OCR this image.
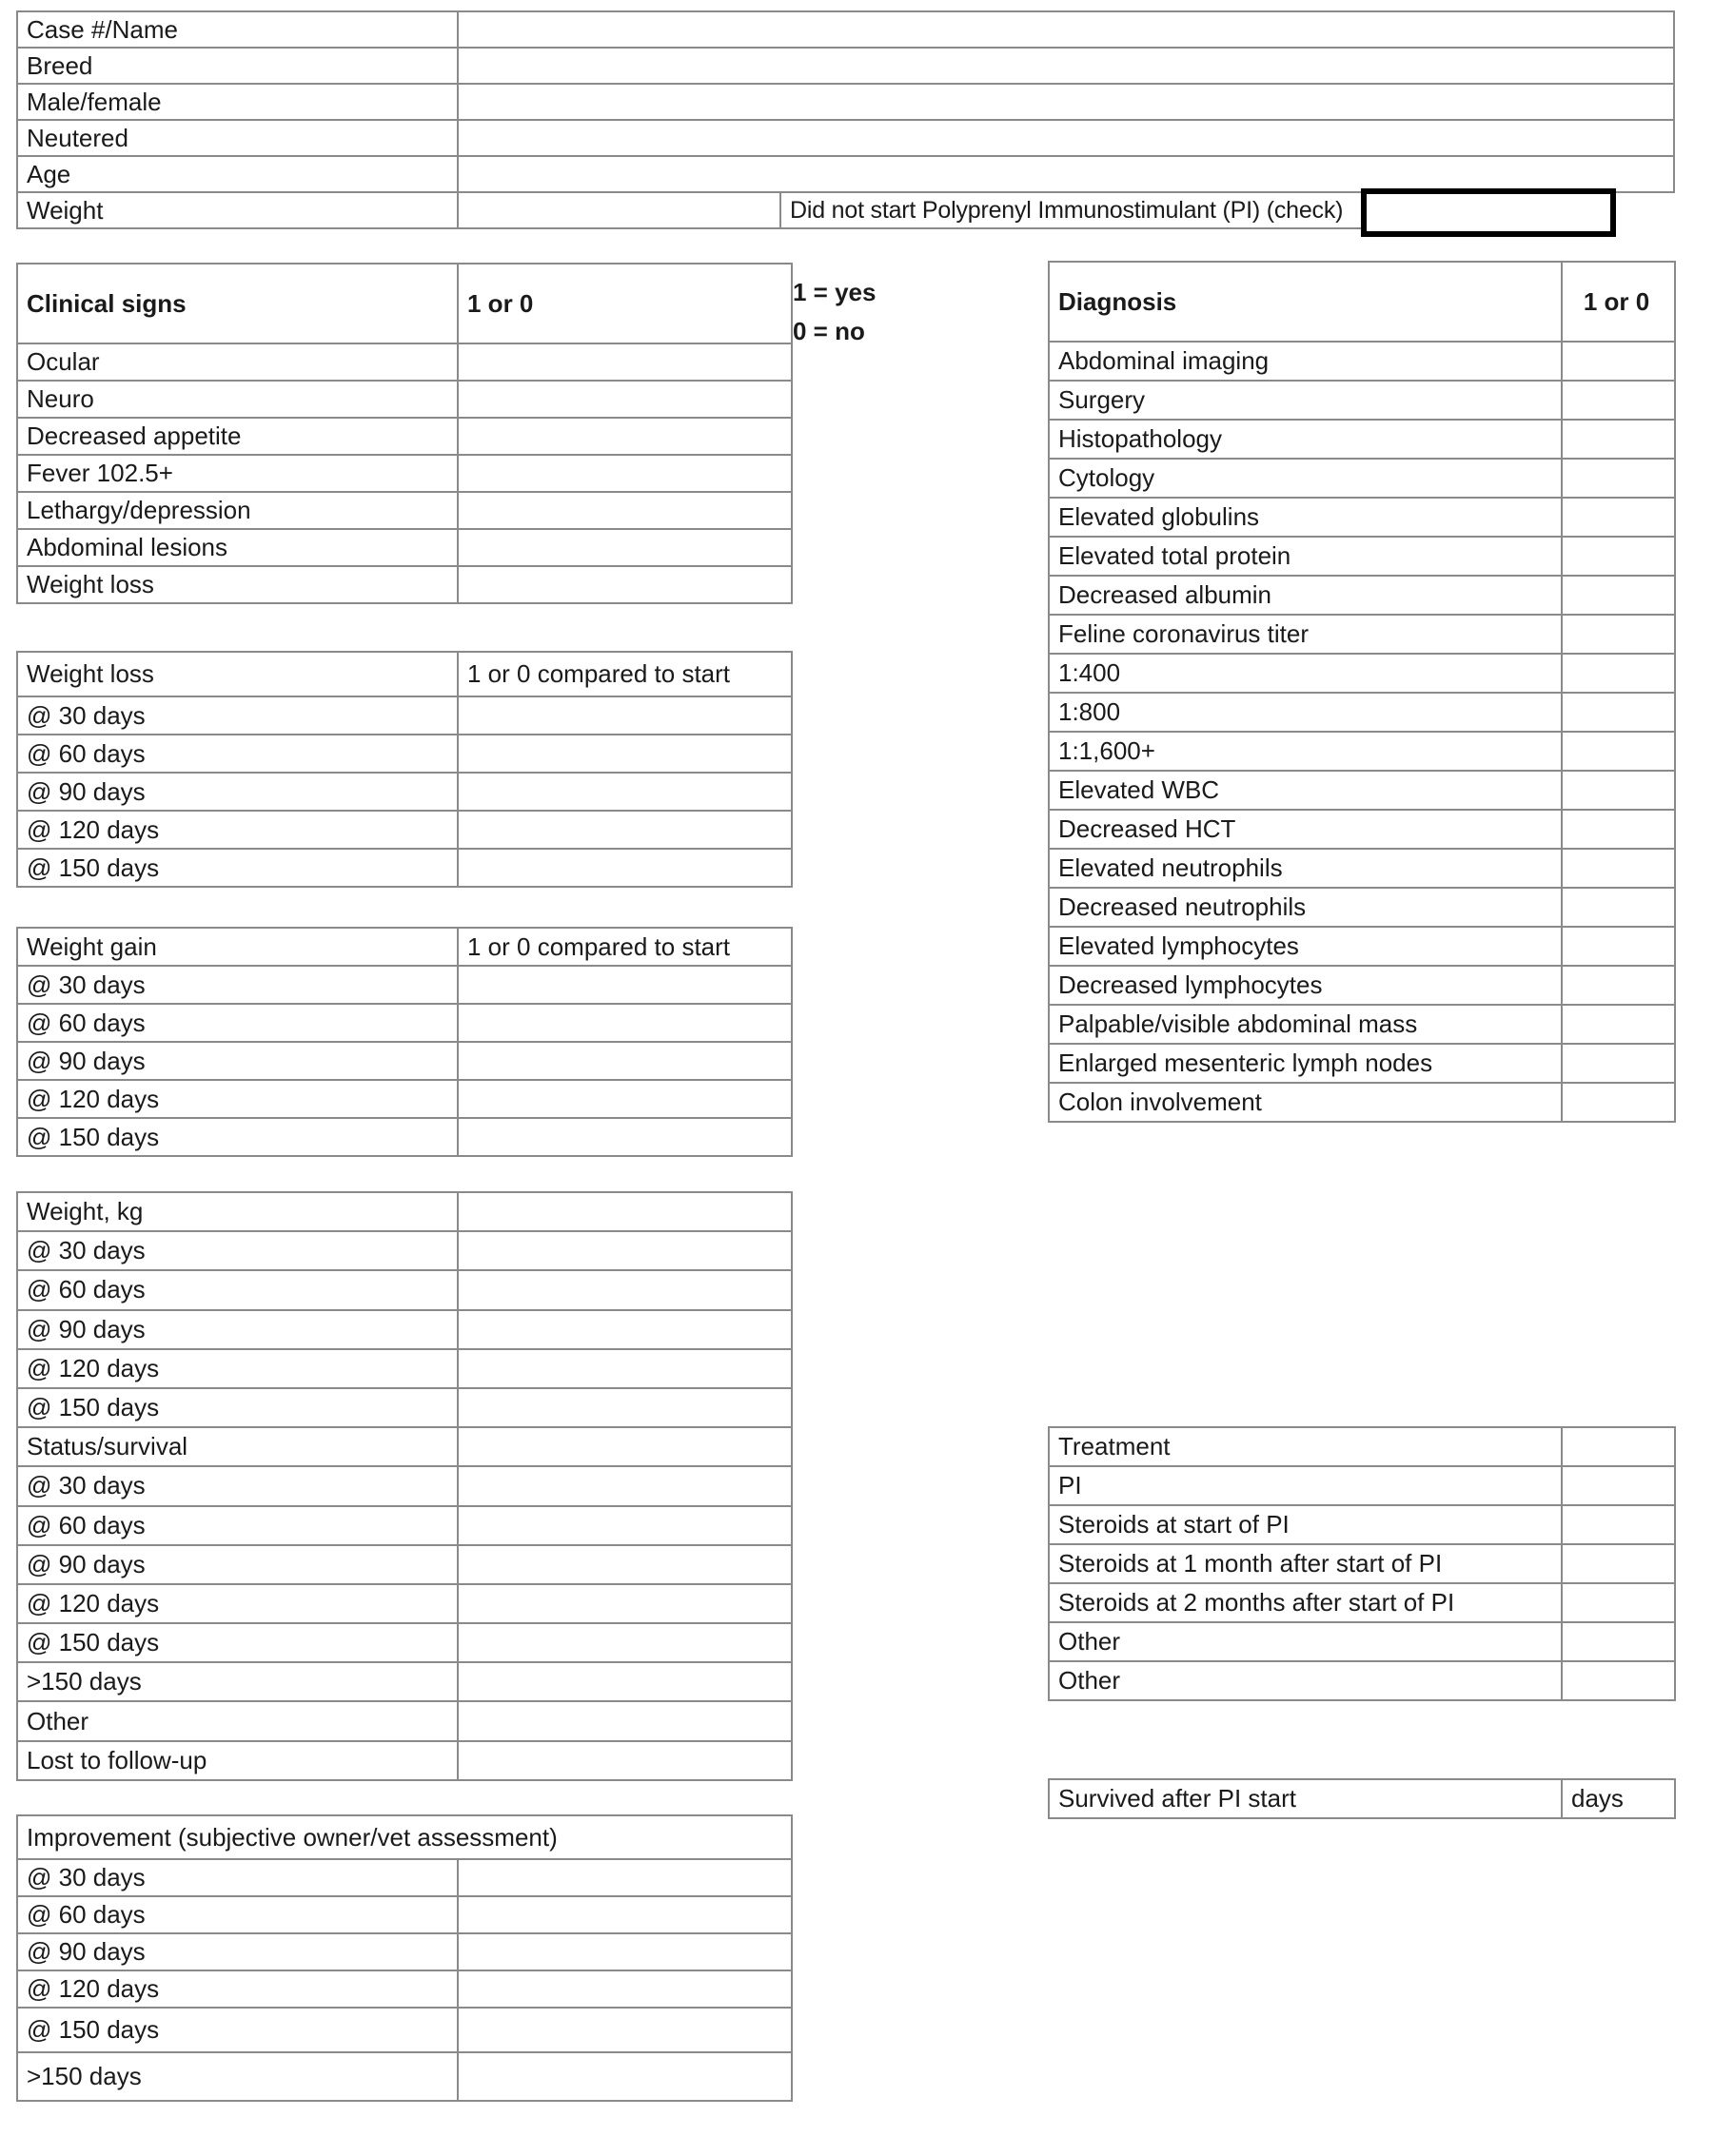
Case #/Name		
Breed		
Male/female		
Neutered		
Age		
Weight		Did not start Polyprenyl Immunostimulant (PI) (check)
1 = yes
0 = no
Clinical signs	1 or 0
Ocular	
Neuro	
Decreased appetite	
Fever 102.5+	
Lethargy/depression	
Abdominal lesions	
Weight loss	
Diagnosis	1 or 0
Abdominal imaging	
Surgery	
Histopathology	
Cytology	
Elevated globulins	
Elevated total protein	
Decreased albumin	
Feline coronavirus titer	
1:400	
1:800	
1:1,600+	
Elevated WBC	
Decreased HCT	
Elevated neutrophils	
Decreased neutrophils	
Elevated lymphocytes	
Decreased lymphocytes	
Palpable/visible abdominal mass	
Enlarged mesenteric lymph nodes	
Colon involvement	
Weight loss	1 or 0 compared to start
@ 30 days	
@ 60 days	
@ 90 days	
@ 120 days	
@ 150 days	
Weight gain	1 or 0 compared to start
@ 30 days	
@ 60 days	
@ 90 days	
@ 120 days	
@ 150 days	
Weight, kg	
@ 30 days	
@ 60 days	
@ 90 days	
@ 120 days	
@ 150 days	
Status/survival	
@ 30 days	
@ 60 days	
@ 90 days	
@ 120 days	
@ 150 days	
>150 days	
Other	
Lost to follow-up	
Improvement (subjective owner/vet assessment)	
@ 30 days	
@ 60 days	
@ 90 days	
@ 120 days	
@ 150 days	
>150 days	
Treatment	
PI	
Steroids at start of PI	
Steroids at 1 month after start of PI	
Steroids at 2 months after start of PI	
Other	
Other	
Survived after PI start	days
